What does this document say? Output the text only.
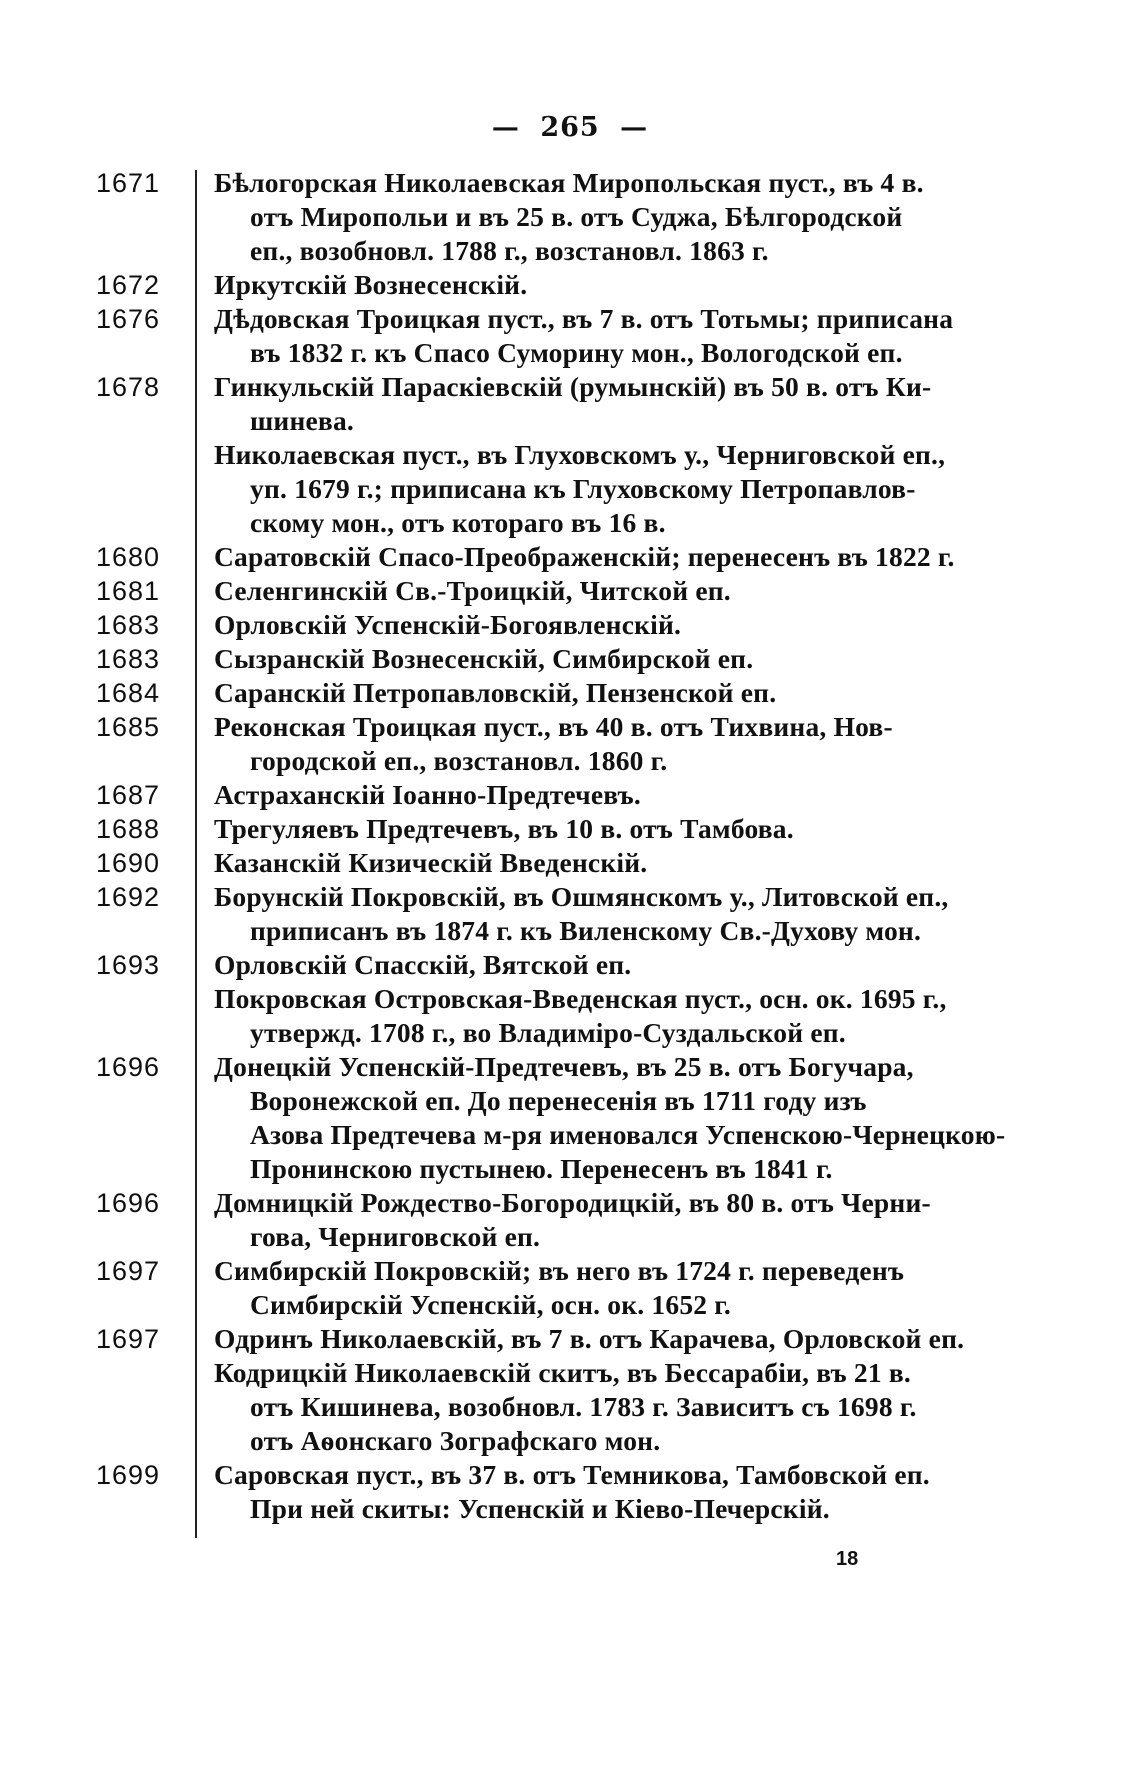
— 265 —
1671	Бѣлогорская Николаевская Миропольская пуст., въ 4 в.
отъ Миропольи и въ 25 в. отъ Суджа, Бѣлгородской
еп., возобновл. 1788 г., возстановл. 1863 г.
1672	Иркутскій Вознесенскій.
1676	Дѣдовская Троицкая пуст., въ 7 в. отъ Тотьмы; приписана
въ 1832 г. къ Спасо Суморину мон., Вологодской еп.
1678	Гинкульскій Параскіевскій (румынскій) въ 50 в. отъ Ки-
шинева.
Николаевская пуст., въ Глуховскомъ у., Черниговской еп.,
уп. 1679 г.; приписана къ Глуховскому Петропавлов-
скому мон., отъ котораго въ 16 в.
1680	Саратовскій Спасо-Преображенскій; перенесенъ въ 1822 г.
1681	Селенгинскій Св.-Троицкій, Читской еп.
1683	Орловскій Успенскій-Богоявленскій.
1683	Сызранскій Вознесенскій, Симбирской еп.
1684	Саранскій Петропавловскій, Пензенской еп.
1685	Реконская Троицкая пуст., въ 40 в. отъ Тихвина, Нов-
городской еп., возстановл. 1860 г.
1687	Астраханскій Іоанно-Предтечевъ.
1688	Трегуляевъ Предтечевъ, въ 10 в. отъ Тамбова.
1690	Казанскій Кизическій Введенскій.
1692	Борунскій Покровскій, въ Ошмянскомъ у., Литовской еп.,
приписанъ въ 1874 г. къ Виленскому Св.-Духову мон.
1693	Орловскій Спасскій, Вятской еп.
Покровская Островская-Введенская пуст., осн. ок. 1695 г.,
утвержд. 1708 г., во Владиміро-Суздальской еп.
1696	Донецкій Успенскій-Предтечевъ, въ 25 в. отъ Богучара,
Воронежской еп. До перенесенія въ 1711 году изъ
Азова Предтечева м-ря именовался Успенскою-Чернецкою-
Пронинскою пустынею. Перенесенъ въ 1841 г.
1696	Домницкій Рождество-Богородицкій, въ 80 в. отъ Черни-
гова, Черниговской еп.
1697	Симбирскій Покровскій; въ него въ 1724 г. переведенъ
Симбирскій Успенскій, осн. ок. 1652 г.
1697	Одринъ Николаевскій, въ 7 в. отъ Карачева, Орловской еп.
Кодрицкій Николаевскій скитъ, въ Бессарабіи, въ 21 в.
отъ Кишинева, возобновл. 1783 г. Зависитъ съ 1698 г.
отъ Аѳонскаго Зографскаго мон.
1699	Саровская пуст., въ 37 в. отъ Темникова, Тамбовской еп.
При ней скиты: Успенскій и Кіево-Печерскій.
18
